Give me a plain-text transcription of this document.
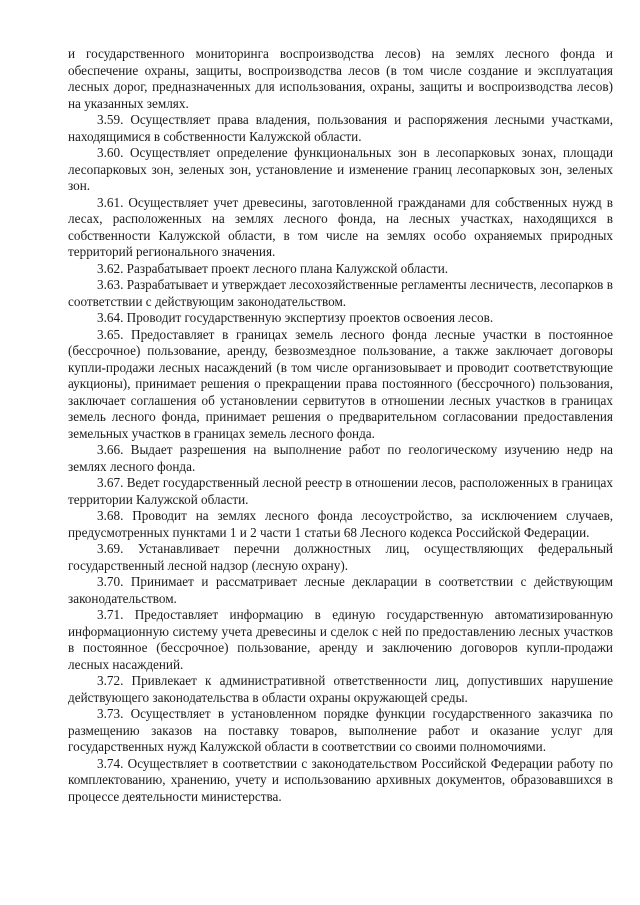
и государственного мониторинга воспроизводства лесов) на землях лесного фонда и обеспечение охраны, защиты, воспроизводства лесов (в том числе создание и эксплуатация лесных дорог, предназначенных для использования, охраны, защиты и воспроизводства лесов) на указанных землях.

3.59. Осуществляет права владения, пользования и распоряжения лесными участками, находящимися в собственности Калужской области.

3.60. Осуществляет определение функциональных зон в лесопарковых зонах, площади лесопарковых зон, зеленых зон, установление и изменение границ лесопарковых зон, зеленых зон.

3.61. Осуществляет учет древесины, заготовленной гражданами для собственных нужд в лесах, расположенных на землях лесного фонда, на лесных участках, находящихся в собственности Калужской области, в том числе на землях особо охраняемых природных территорий регионального значения.

3.62. Разрабатывает проект лесного плана Калужской области.

3.63. Разрабатывает и утверждает лесохозяйственные регламенты лесничеств, лесопарков в соответствии с действующим законодательством.

3.64. Проводит государственную экспертизу проектов освоения лесов.

3.65. Предоставляет в границах земель лесного фонда лесные участки в постоянное (бессрочное) пользование, аренду, безвозмездное пользование, а также заключает договоры купли-продажи лесных насаждений (в том числе организовывает и проводит соответствующие аукционы), принимает решения о прекращении права постоянного (бессрочного) пользования, заключает соглашения об установлении сервитутов в отношении лесных участков в границах земель лесного фонда, принимает решения о предварительном согласовании предоставления земельных участков в границах земель лесного фонда.

3.66. Выдает разрешения на выполнение работ по геологическому изучению недр на землях лесного фонда.

3.67. Ведет государственный лесной реестр в отношении лесов, расположенных в границах территории Калужской области.

3.68. Проводит на землях лесного фонда лесоустройство, за исключением случаев, предусмотренных пунктами 1 и 2 части 1 статьи 68 Лесного кодекса Российской Федерации.

3.69. Устанавливает перечни должностных лиц, осуществляющих федеральный государственный лесной надзор (лесную охрану).

3.70. Принимает и рассматривает лесные декларации в соответствии с действующим законодательством.

3.71. Предоставляет информацию в единую государственную автоматизированную информационную систему учета древесины и сделок с ней по предоставлению лесных участков в постоянное (бессрочное) пользование, аренду и заключению договоров купли-продажи лесных насаждений.

3.72. Привлекает к административной ответственности лиц, допустивших нарушение действующего законодательства в области охраны окружающей среды.

3.73. Осуществляет в установленном порядке функции государственного заказчика по размещению заказов на поставку товаров, выполнение работ и оказание услуг для государственных нужд Калужской области в соответствии со своими полномочиями.

3.74. Осуществляет в соответствии с законодательством Российской Федерации работу по комплектованию, хранению, учету и использованию архивных документов, образовавшихся в процессе деятельности министерства.
